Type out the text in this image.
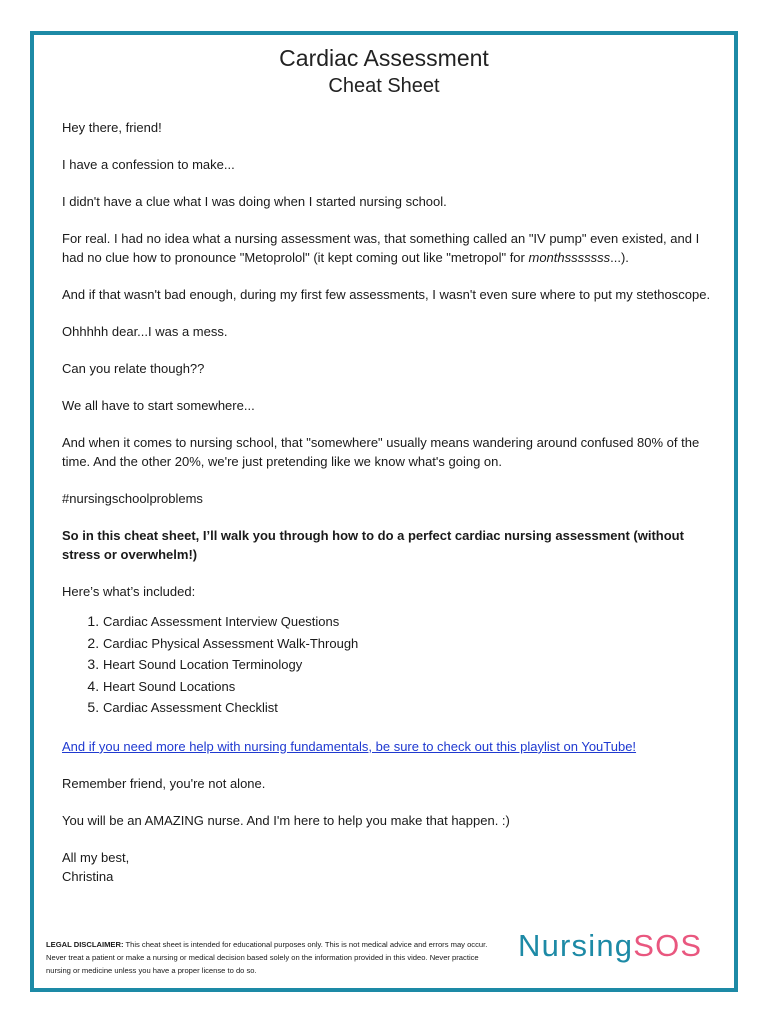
Cardiac Assessment
Cheat Sheet

Hey there, friend!

I have a confession to make...

I didn't have a clue what I was doing when I started nursing school.

For real. I had no idea what a nursing assessment was, that something called an "IV pump" even existed, and I had no clue how to pronounce "Metoprolol" (it kept coming out like "metropol" for monthsssssss...).

And if that wasn't bad enough, during my first few assessments, I wasn't even sure where to put my stethoscope.

Ohhhhh dear...I was a mess.

Can you relate though??

We all have to start somewhere...

And when it comes to nursing school, that "somewhere" usually means wandering around confused 80% of the time. And the other 20%, we're just pretending like we know what's going on.

#nursingschoolproblems

So in this cheat sheet, I’ll walk you through how to do a perfect cardiac nursing assessment (without stress or overwhelm!)

Here’s what’s included:

1. Cardiac Assessment Interview Questions
2. Cardiac Physical Assessment Walk-Through
3. Heart Sound Location Terminology
4. Heart Sound Locations
5. Cardiac Assessment Checklist

And if you need more help with nursing fundamentals, be sure to check out this playlist on YouTube!

Remember friend, you're not alone.

You will be an AMAZING nurse. And I'm here to help you make that happen. :)

All my best,

Christina

LEGAL DISCLAIMER: This cheat sheet is intended for educational purposes only. This is not medical advice and errors may occur. Never treat a patient or make a nursing or medical decision based solely on the information provided in this video. Never practice nursing or medicine unless you have a proper license to do so.
NursingSOS
